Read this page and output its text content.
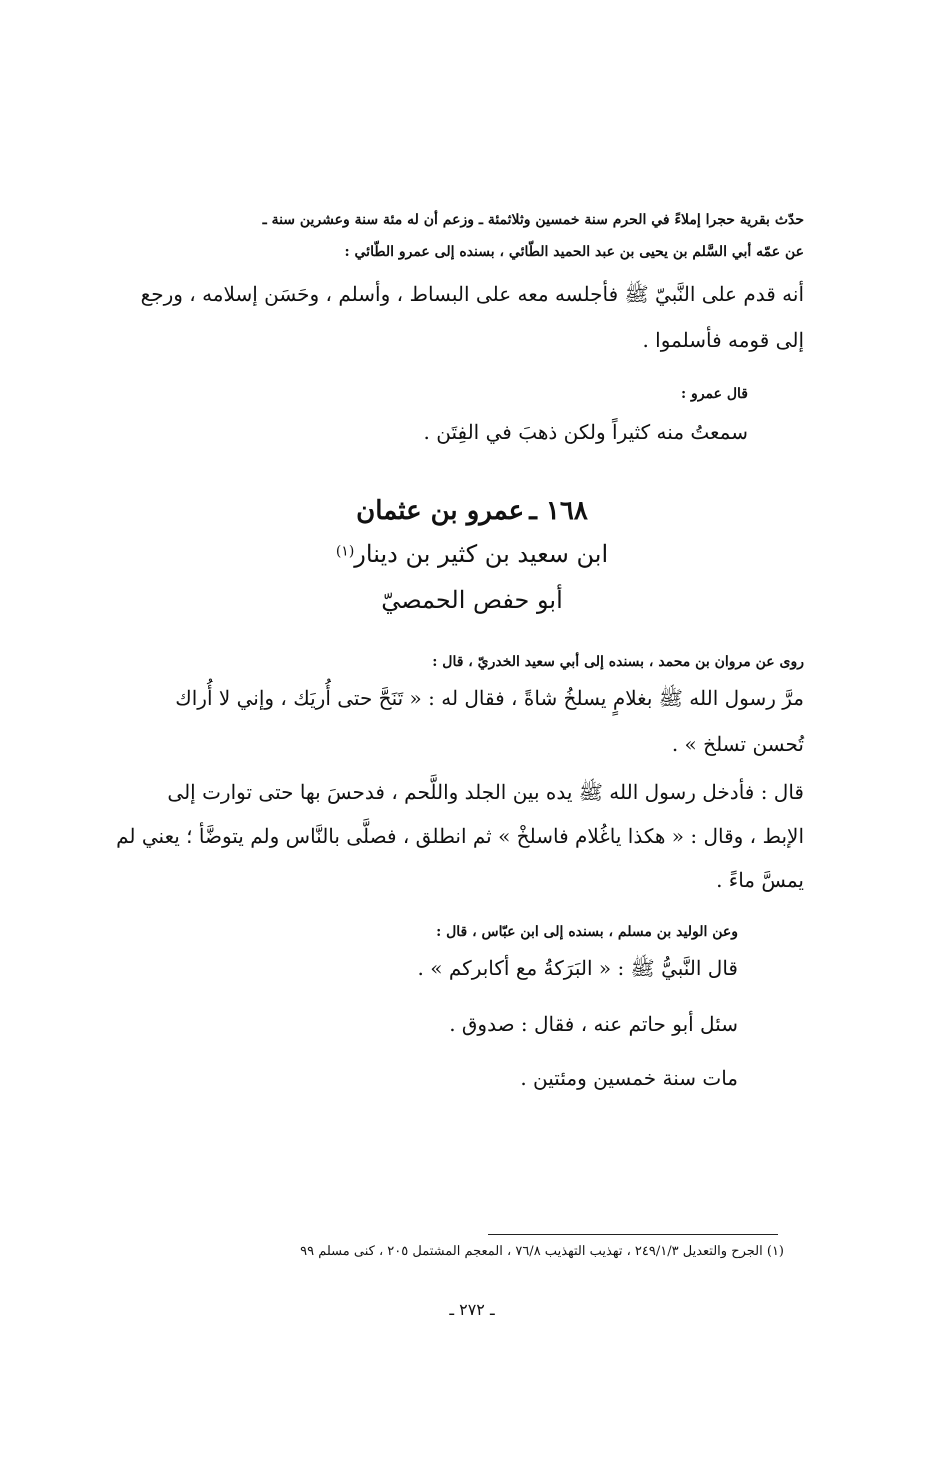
حدّث بقرية حجرا إملاءً في الحرم سنة خمسين وثلاثمئة ـ وزعم أن له مئة سنة وعشرين سنة ـ
عن عمّه أبي السَّلم بن يحيى بن عبد الحميد الطّائي ، بسنده إلى عمرو الطّائي :
أنه قدم على النَّبيّ ﷺ فأجلسه معه على البساط ، وأسلم ، وحَسَن إسلامه ، ورجع
إلى قومه فأسلموا .
قال عمرو :
سمعتُ منه كثيراً ولكن ذهبَ في الفِتَن .
١٦٨ ـ عمرو بن عثمان
ابن سعيد بن كثير بن دينار(١)
أبو حفص الحمصيّ
روى عن مروان بن محمد ، بسنده إلى أبي سعيد الخدريّ ، قال :
مرَّ رسول الله ﷺ بغلامٍ يسلخُ شاةً ، فقال له : « تَنَحَّ حتى أُريَك ، وإني لا أُراك
تُحسن تسلخ » .
قال : فأدخل رسول الله ﷺ يده بين الجلد واللَّحم ، فدحسَ بها حتى توارت إلى
الإبط ، وقال : « هكذا ياغُلام فاسلخْ » ثم انطلق ، فصلَّى بالنَّاس ولم يتوضَّأ ؛ يعني لم
يمسَّ ماءً .
وعن الوليد بن مسلم ، بسنده إلى ابن عبّاس ، قال :
قال النَّبيُّ ﷺ : « البَرَكةُ مع أكابركم » .
سئل أبو حاتم عنه ، فقال : صدوق .
مات سنة خمسين ومئتين .
(١) الجرح والتعديل ٢٤٩/١/٣ ، تهذيب التهذيب ٧٦/٨ ، المعجم المشتمل ٢٠٥ ، كنى مسلم ٩٩
ـ ٢٧٢ ـ
